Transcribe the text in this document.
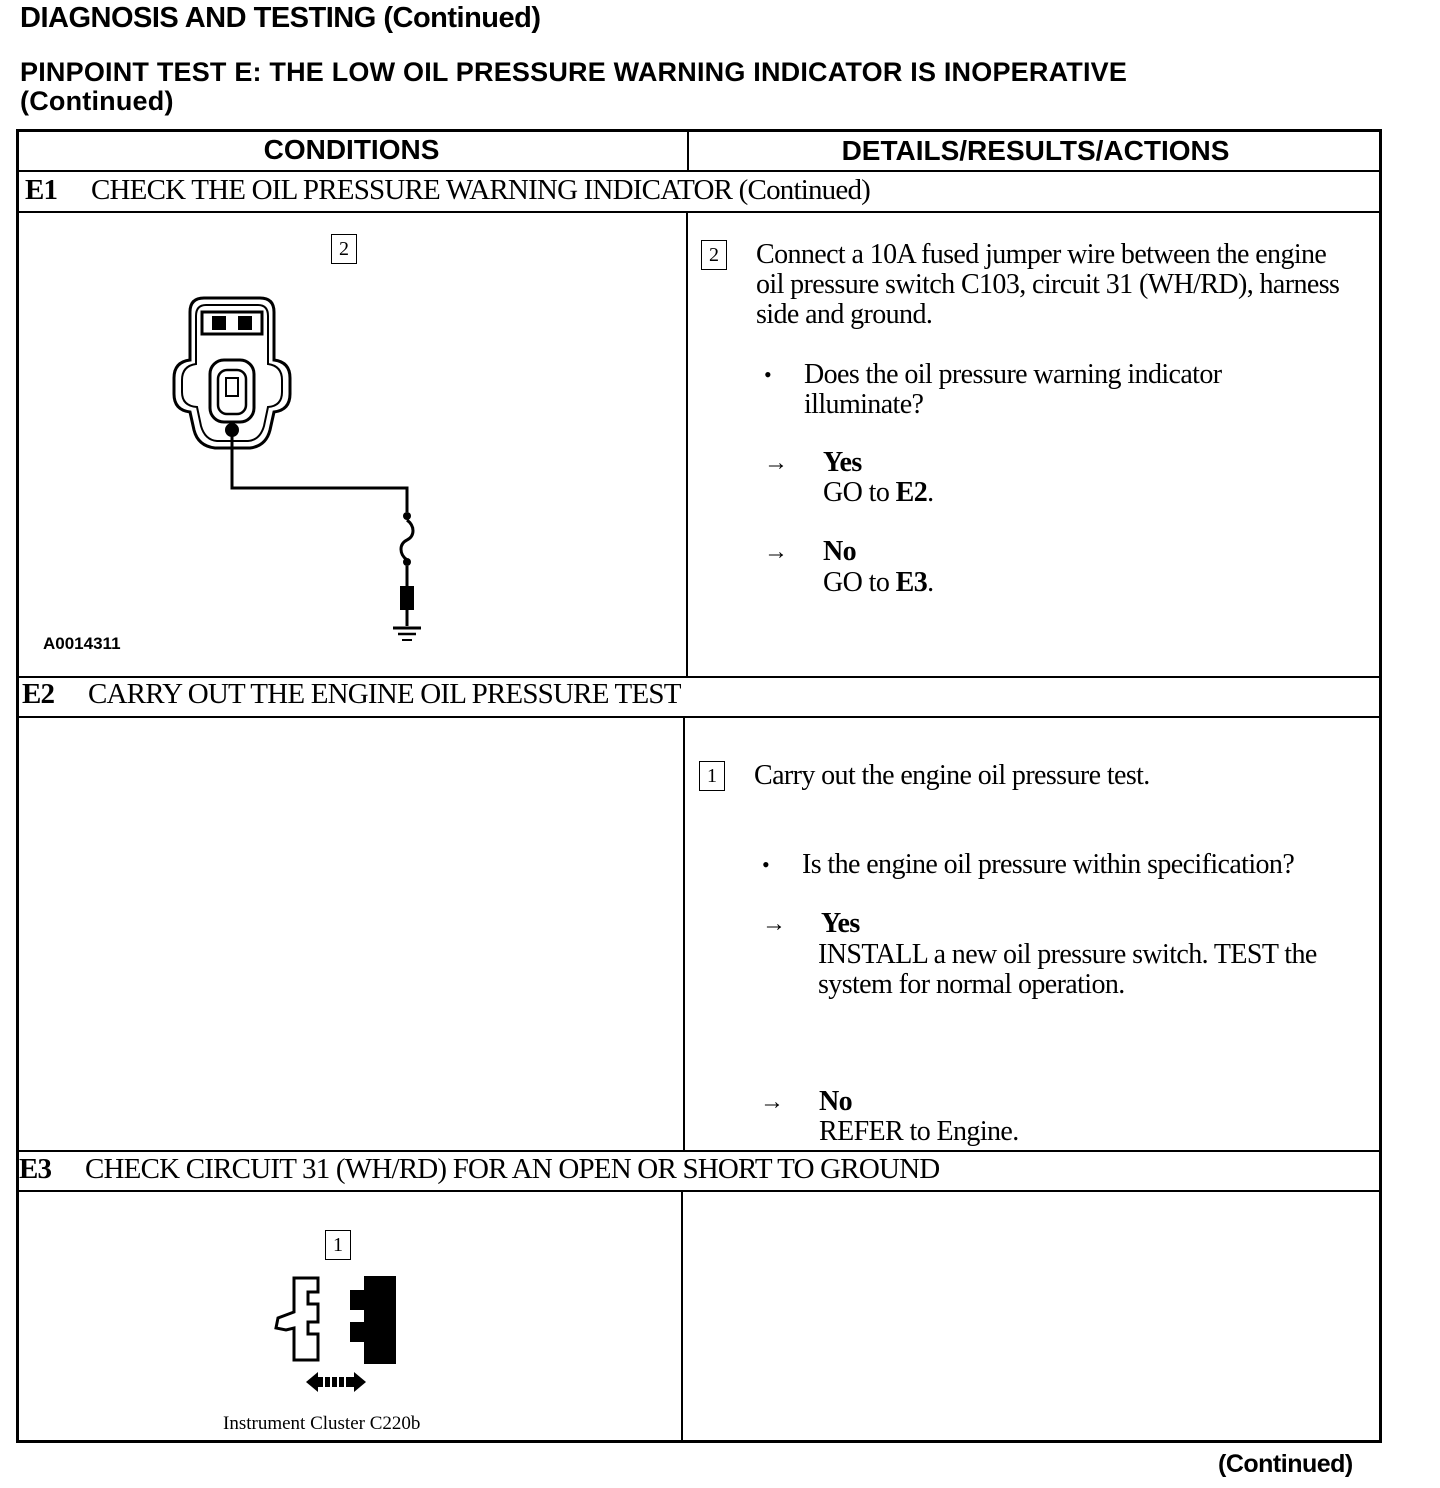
DIAGNOSIS AND TESTING (Continued)
PINPOINT TEST E: THE LOW OIL PRESSURE WARNING INDICATOR IS INOPERATIVE (Continued)
CONDITIONS	DETAILS/RESULTS/ACTIONS
E1 CHECK THE OIL PRESSURE WARNING INDICATOR (Continued)
2
A0014311
2 Connect a 10A fused jumper wire between the engine oil pressure switch C103, circuit 31 (WH/RD), harness side and ground.
• Does the oil pressure warning indicator illuminate?
→ Yes
GO to E2.
→ No
GO to E3.
E2 CARRY OUT THE ENGINE OIL PRESSURE TEST
1 Carry out the engine oil pressure test.
• Is the engine oil pressure within specification?
→ Yes
INSTALL a new oil pressure switch. TEST the system for normal operation.
→ No
REFER to Engine.
E3 CHECK CIRCUIT 31 (WH/RD) FOR AN OPEN OR SHORT TO GROUND
1
Instrument Cluster C220b
(Continued)
